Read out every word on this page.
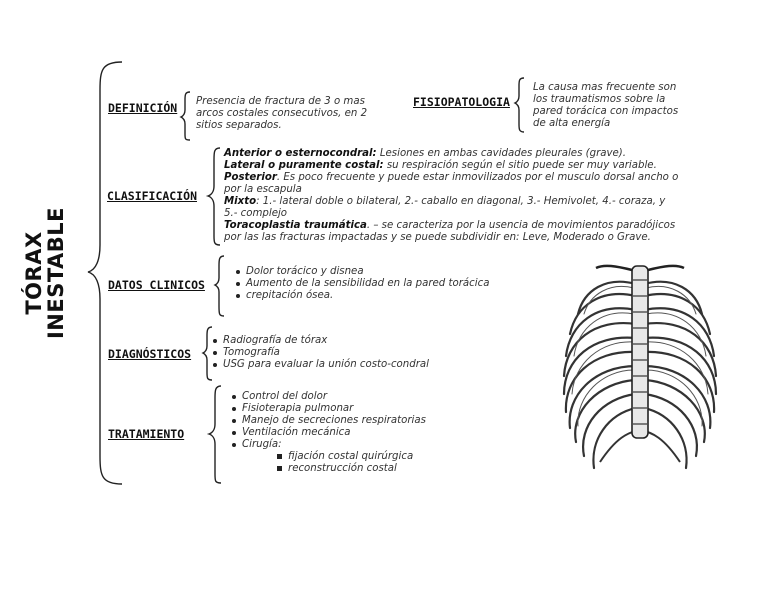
TÓRAX
INESTABLE
DEFINICIÓN Presencia de fractura de 3 o mas
arcos costales consecutivos, en 2
sitios separados.
FISIOPATOLOGIA
La causa mas frecuente son
los traumatismos sobre la
pared torácica con impactos
de alta energía
CLASIFICACIÓN
Anterior o esternocondral: Lesiones en ambas cavidades pleurales (grave).
Lateral o puramente costal: su respiración según el sitio puede ser muy variable.
Posterior. Es poco frecuente y puede estar inmovilizados por el musculo dorsal ancho o
por la escapula
Mixto: 1.- lateral doble o bilateral, 2.- caballo en diagonal, 3.- Hemivolet, 4.- coraza, y
5.- complejo
Toracoplastia traumática. – se caracteriza por la usencia de movimientos paradójicos
por las las fracturas impactadas y se puede subdividir en: Leve, Moderado o Grave.
DATOS CLINICOS
Dolor torácico y disnea
Aumento de la sensibilidad en la pared torácica
crepitación ósea.
DIAGNÓSTICOS
Radiografía de tórax
Tomografía
USG para evaluar la unión costo-condral
TRATAMIENTO
Control del dolor
Fisioterapia pulmonar
Manejo de secreciones respiratorias
Ventilación mecánica
Cirugía:
fijación costal quirúrgica
reconstrucción costal
